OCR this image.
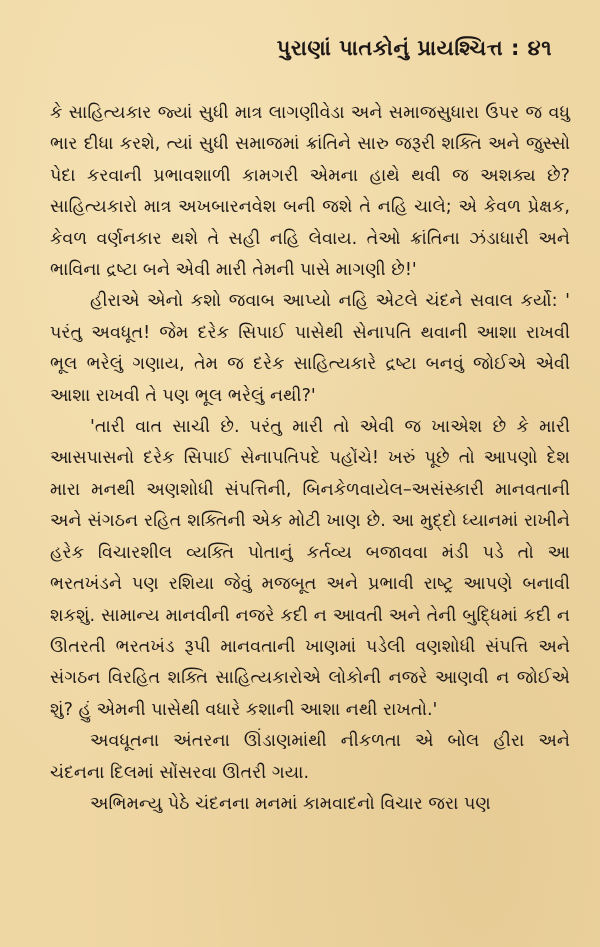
પુરાણાં પાતકોનું પ્રાયશ્ચિત્ત : ૪૧

કે સાહિત્યકાર જ્યાં સુધી માત્ર લાગણીવેડા અને સમાજસુધારા ઉપર જ વધુ ભાર દીધા કરશે, ત્યાં સુધી સમાજમાં ક્રાંતિને સારુ જરૂરી શક્તિ અને જુસ્સો પેદા કરવાની પ્રભાવશાળી કામગરી એમના હાથે થવી જ અશક્ય છે? સાહિત્યકારો માત્ર અખબારનવેશ બની જશે તે નહિ ચાલે; એ કેવળ પ્રેક્ષક, કેવળ વર્ણનકાર થશે તે સહી નહિ લેવાય. તેઓ ક્રાંતિના ઝંડાધારી અને ભાવિના દ્રષ્ટા બને એવી મારી તેમની પાસે માગણી છે!'

હીરાએ એનો કશો જવાબ આપ્યો નહિ એટલે ચંદને સવાલ કર્યો: ' પરંતુ અવધૂત! જેમ દરેક સિપાઈ પાસેથી સેનાપતિ થવાની આશા રાખવી ભૂલ ભરેલું ગણાય, તેમ જ દરેક સાહિત્યકારે દ્રષ્ટા બનવું જોઈએ એવી આશા રાખવી તે પણ ભૂલ ભરેલું નથી?'

'તારી વાત સાચી છે. પરંતુ મારી તો એવી જ ખાએશ છે કે મારી આસપાસનો દરેક સિપાઈ સેનાપતિપદે પહોંચે! ખરું પૂછે તો આપણો દેશ મારા મનથી અણશોધી સંપત્તિની, બિનકેળવાયેલ–અસંસ્કારી માનવતાની અને સંગઠન રહિત શક્તિની એક મોટી ખાણ છે. આ મુદ્દો ધ્યાનમાં રાખીને હરેક વિચારશીલ વ્યક્તિ પોતાનું કર્તવ્ય બજાવવા મંડી પડે તો આ ભરતખંડને પણ રશિયા જેવું મજબૂત અને પ્રભાવી રાષ્ટ્ર આપણે બનાવી શકશું. સામાન્ય માનવીની નજરે કદી ન આવતી અને તેની બુદ્ધિમાં કદી ન ઊતરતી ભરતખંડ રૂપી માનવતાની ખાણમાં પડેલી વણશોધી સંપત્તિ અને સંગઠન વિરહિત શક્તિ સાહિત્યકારોએ લોકોની નજરે આણવી ન જોઈએ શું? હું એમની પાસેથી વધારે કશાની આશા નથી રાખતો.'

અવધૂતના અંતરના ઊંડાણમાંથી નીકળતા એ બોલ હીરા અને ચંદનના દિલમાં સોંસરવા ઊતરી ગયા.

અભિમન્યુ પેઠે ચંદનના મનમાં કામવાદનો વિચાર જરા પણ
